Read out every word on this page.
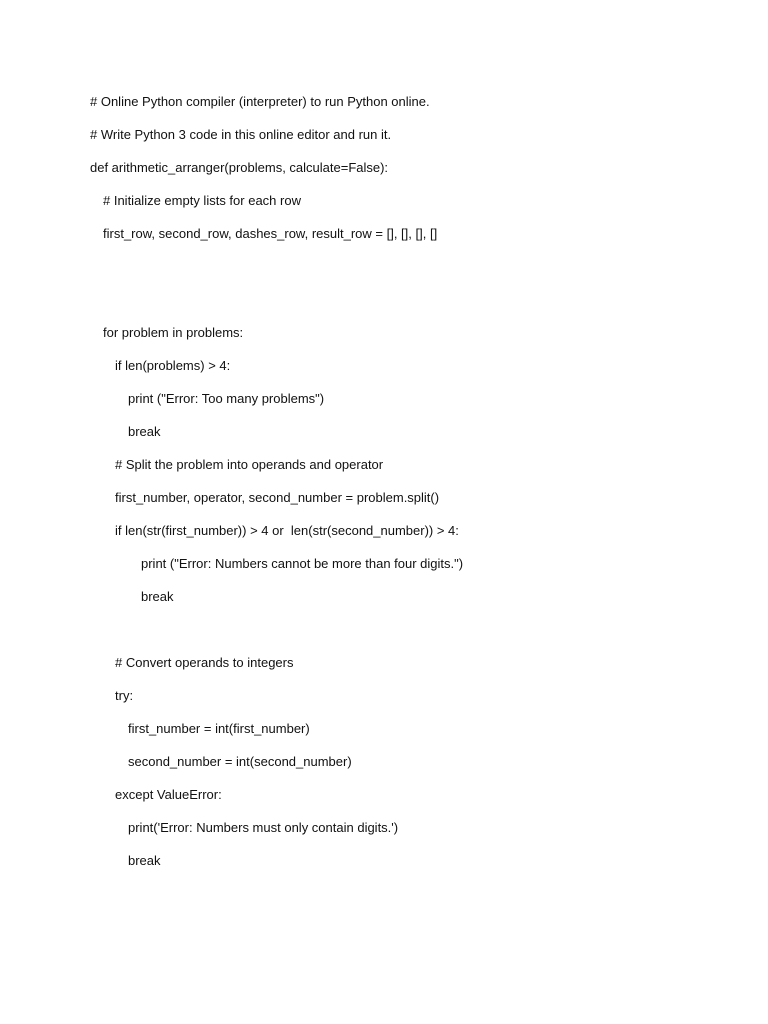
# Online Python compiler (interpreter) to run Python online.
# Write Python 3 code in this online editor and run it.
def arithmetic_arranger(problems, calculate=False):
# Initialize empty lists for each row
first_row, second_row, dashes_row, result_row = [], [], [], []
for problem in problems:
if len(problems) > 4:
print ("Error: Too many problems")
break
# Split the problem into operands and operator
first_number, operator, second_number = problem.split()
if len(str(first_number)) > 4 or  len(str(second_number)) > 4:
print ("Error: Numbers cannot be more than four digits.")
break
# Convert operands to integers
try:
first_number = int(first_number)
second_number = int(second_number)
except ValueError:
print('Error: Numbers must only contain digits.')
break
